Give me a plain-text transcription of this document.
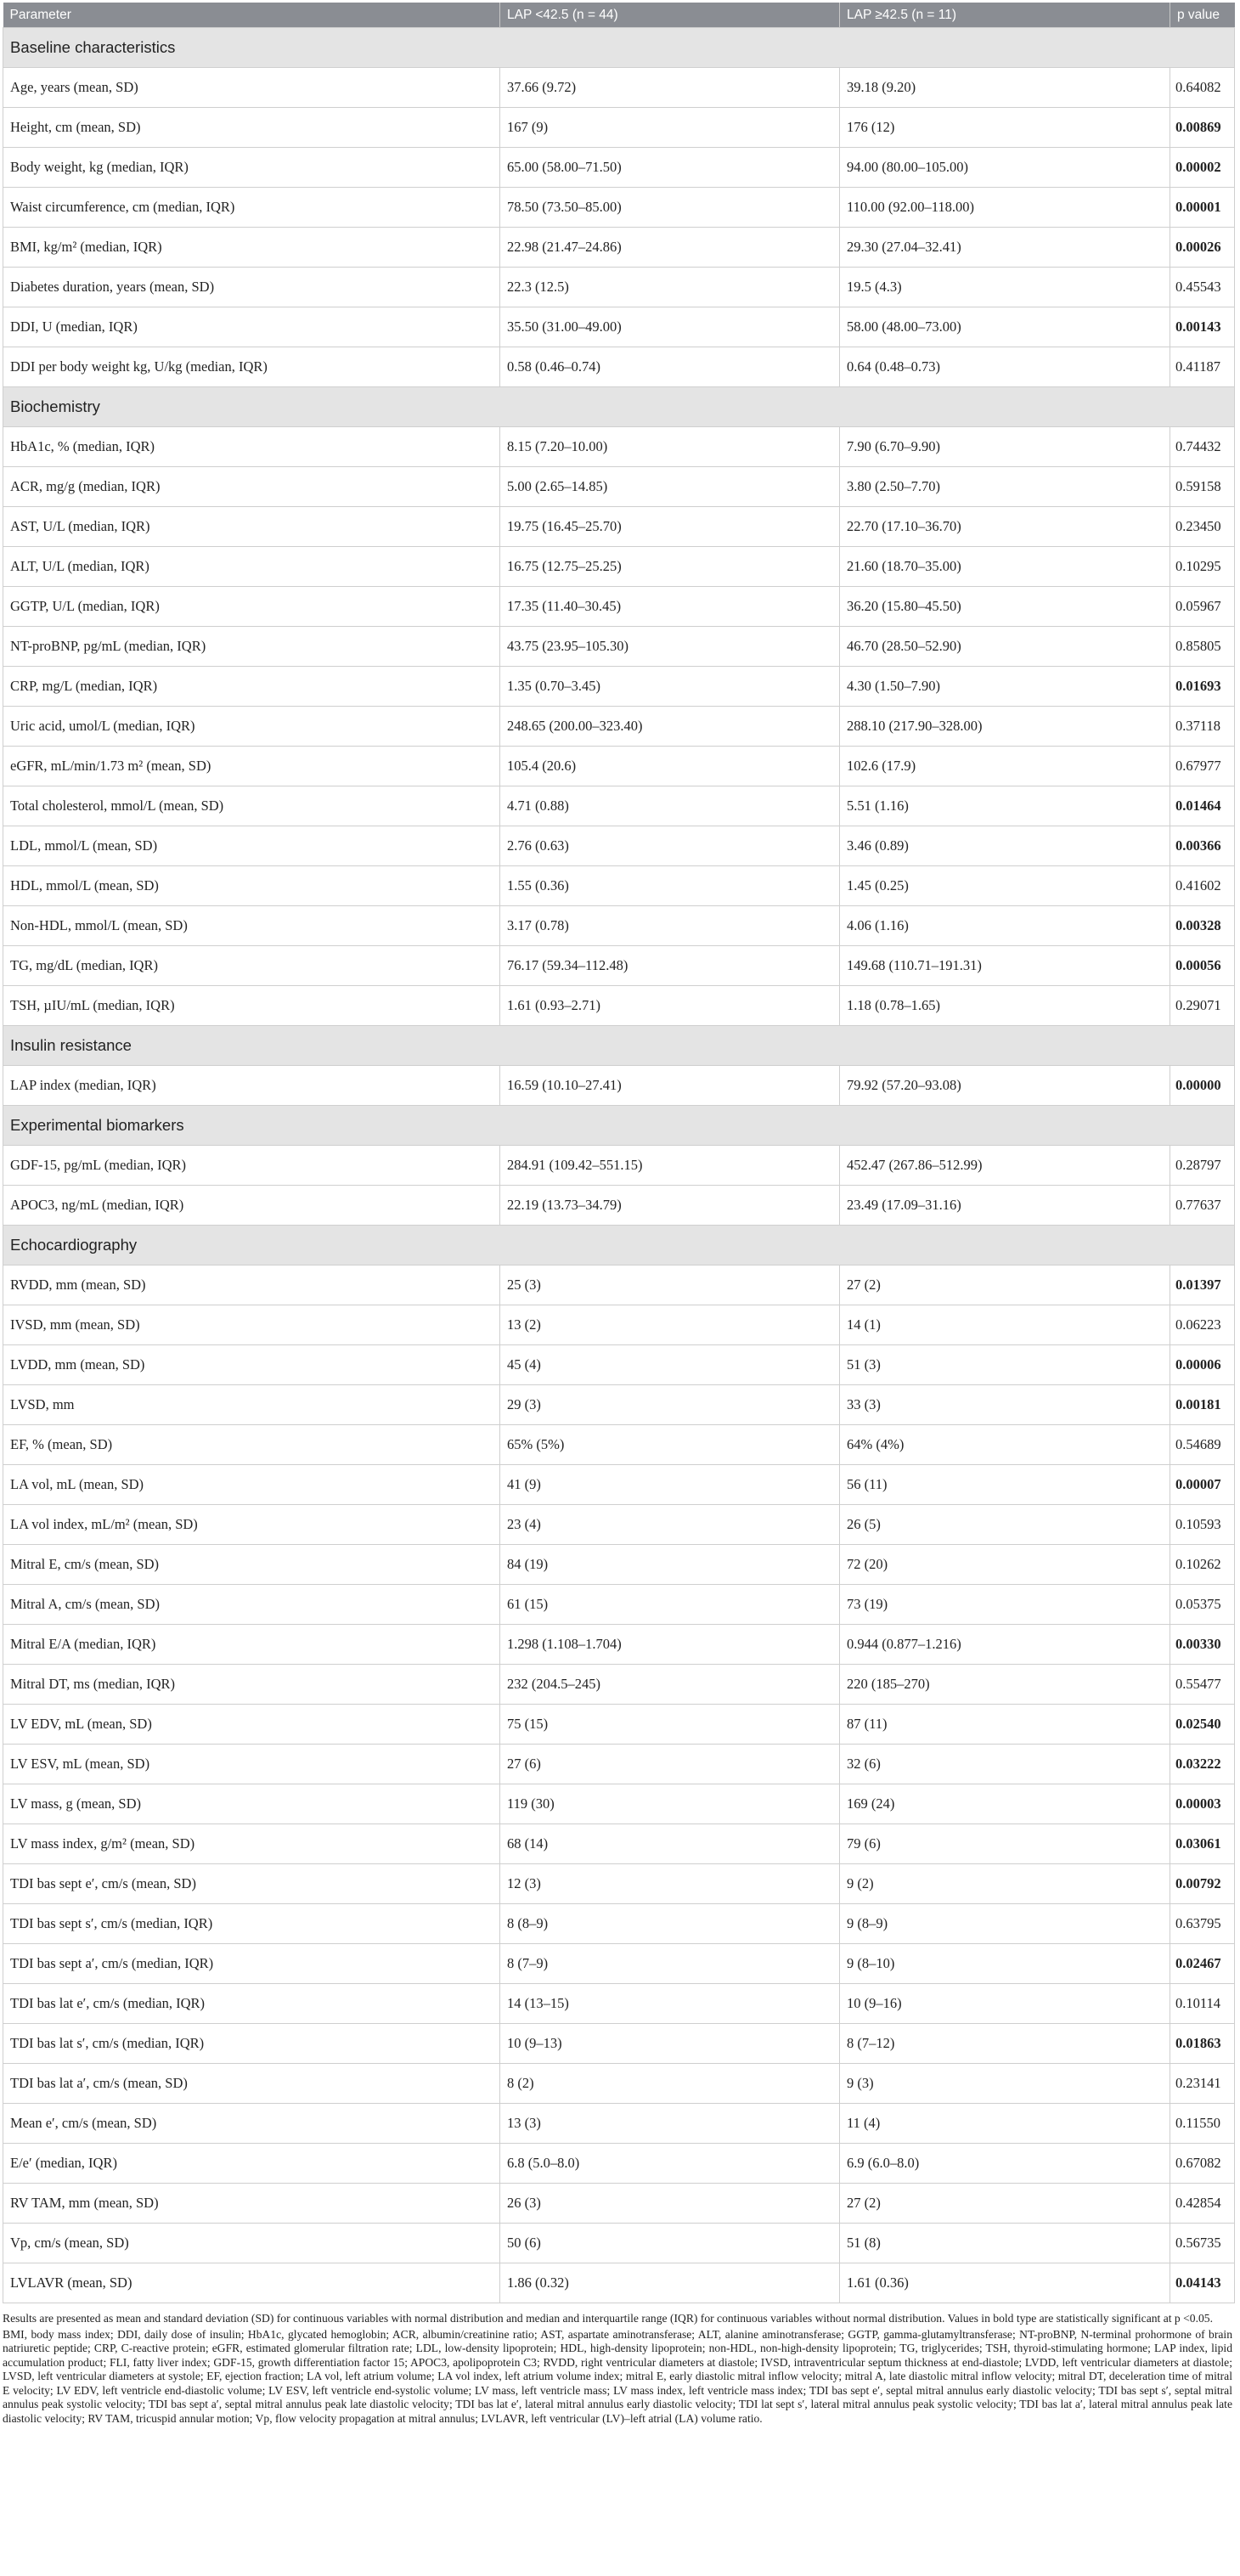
Parameter	LAP <42.5 (n = 44)	LAP ≥42.5 (n = 11)	p value
Baseline characteristics			
Age, years (mean, SD)	37.66 (9.72)	39.18 (9.20)	0.64082
Height, cm (mean, SD)	167 (9)	176 (12)	0.00869
Body weight, kg (median, IQR)	65.00 (58.00–71.50)	94.00 (80.00–105.00)	0.00002
Waist circumference, cm (median, IQR)	78.50 (73.50–85.00)	110.00 (92.00–118.00)	0.00001
BMI, kg/m² (median, IQR)	22.98 (21.47–24.86)	29.30 (27.04–32.41)	0.00026
Diabetes duration, years (mean, SD)	22.3 (12.5)	19.5 (4.3)	0.45543
DDI, U (median, IQR)	35.50 (31.00–49.00)	58.00 (48.00–73.00)	0.00143
DDI per body weight kg, U/kg (median, IQR)	0.58 (0.46–0.74)	0.64 (0.48–0.73)	0.41187
Biochemistry			
HbA1c, % (median, IQR)	8.15 (7.20–10.00)	7.90 (6.70–9.90)	0.74432
ACR, mg/g (median, IQR)	5.00 (2.65–14.85)	3.80 (2.50–7.70)	0.59158
AST, U/L (median, IQR)	19.75 (16.45–25.70)	22.70 (17.10–36.70)	0.23450
ALT, U/L (median, IQR)	16.75 (12.75–25.25)	21.60 (18.70–35.00)	0.10295
GGTP, U/L (median, IQR)	17.35 (11.40–30.45)	36.20 (15.80–45.50)	0.05967
NT-proBNP, pg/mL (median, IQR)	43.75 (23.95–105.30)	46.70 (28.50–52.90)	0.85805
CRP, mg/L (median, IQR)	1.35 (0.70–3.45)	4.30 (1.50–7.90)	0.01693
Uric acid, umol/L (median, IQR)	248.65 (200.00–323.40)	288.10 (217.90–328.00)	0.37118
eGFR, mL/min/1.73 m² (mean, SD)	105.4 (20.6)	102.6 (17.9)	0.67977
Total cholesterol, mmol/L (mean, SD)	4.71 (0.88)	5.51 (1.16)	0.01464
LDL, mmol/L (mean, SD)	2.76 (0.63)	3.46 (0.89)	0.00366
HDL, mmol/L (mean, SD)	1.55 (0.36)	1.45 (0.25)	0.41602
Non-HDL, mmol/L (mean, SD)	3.17 (0.78)	4.06 (1.16)	0.00328
TG, mg/dL (median, IQR)	76.17 (59.34–112.48)	149.68 (110.71–191.31)	0.00056
TSH, µIU/mL (median, IQR)	1.61 (0.93–2.71)	1.18 (0.78–1.65)	0.29071
Insulin resistance			
LAP index (median, IQR)	16.59 (10.10–27.41)	79.92 (57.20–93.08)	0.00000
Experimental biomarkers			
GDF-15, pg/mL (median, IQR)	284.91 (109.42–551.15)	452.47 (267.86–512.99)	0.28797
APOC3, ng/mL (median, IQR)	22.19 (13.73–34.79)	23.49 (17.09–31.16)	0.77637
Echocardiography			
RVDD, mm (mean, SD)	25 (3)	27 (2)	0.01397
IVSD, mm (mean, SD)	13 (2)	14 (1)	0.06223
LVDD, mm (mean, SD)	45 (4)	51 (3)	0.00006
LVSD, mm	29 (3)	33 (3)	0.00181
EF, % (mean, SD)	65% (5%)	64% (4%)	0.54689
LA vol, mL (mean, SD)	41 (9)	56 (11)	0.00007
LA vol index, mL/m² (mean, SD)	23 (4)	26 (5)	0.10593
Mitral E, cm/s (mean, SD)	84 (19)	72 (20)	0.10262
Mitral A, cm/s (mean, SD)	61 (15)	73 (19)	0.05375
Mitral E/A (median, IQR)	1.298 (1.108–1.704)	0.944 (0.877–1.216)	0.00330
Mitral DT, ms (median, IQR)	232 (204.5–245)	220 (185–270)	0.55477
LV EDV, mL (mean, SD)	75 (15)	87 (11)	0.02540
LV ESV, mL (mean, SD)	27 (6)	32 (6)	0.03222
LV mass, g (mean, SD)	119 (30)	169 (24)	0.00003
LV mass index, g/m² (mean, SD)	68 (14)	79 (6)	0.03061
TDI bas sept e′, cm/s (mean, SD)	12 (3)	9 (2)	0.00792
TDI bas sept s′, cm/s (median, IQR)	8 (8–9)	9 (8–9)	0.63795
TDI bas sept a′, cm/s (median, IQR)	8 (7–9)	9 (8–10)	0.02467
TDI bas lat e′, cm/s (median, IQR)	14 (13–15)	10 (9–16)	0.10114
TDI bas lat s′, cm/s (median, IQR)	10 (9–13)	8 (7–12)	0.01863
TDI bas lat a′, cm/s (mean, SD)	8 (2)	9 (3)	0.23141
Mean e′, cm/s (mean, SD)	13 (3)	11 (4)	0.11550
E/e′ (median, IQR)	6.8 (5.0–8.0)	6.9 (6.0–8.0)	0.67082
RV TAM, mm (mean, SD)	26 (3)	27 (2)	0.42854
Vp, cm/s (mean, SD)	50 (6)	51 (8)	0.56735
LVLAVR (mean, SD)	1.86 (0.32)	1.61 (0.36)	0.04143

Results are presented as mean and standard deviation (SD) for continuous variables with normal distribution and median and interquartile range (IQR) for continuous variables without normal distribution. Values in bold type are statistically significant at p <0.05.

BMI, body mass index; DDI, daily dose of insulin; HbA1c, glycated hemoglobin; ACR, albumin/creatinine ratio; AST, aspartate aminotransferase; ALT, alanine aminotransferase; GGTP, gamma-glutamyltransferase; NT-proBNP, N-terminal prohormone of brain natriuretic peptide; CRP, C-reactive protein; eGFR, estimated glomerular filtration rate; LDL, low-density lipoprotein; HDL, high-density lipoprotein; non-HDL, non-high-density lipoprotein; TG, triglycerides; TSH, thyroid-stimulating hormone; LAP index, lipid accumulation product; FLI, fatty liver index; GDF-15, growth differentiation factor 15; APOC3, apolipoprotein C3; RVDD, right ventricular diameters at diastole; IVSD, intraventricular septum thickness at end-diastole; LVDD, left ventricular diameters at diastole; LVSD, left ventricular diameters at systole; EF, ejection fraction; LA vol, left atrium volume; LA vol index, left atrium volume index; mitral E, early diastolic mitral inflow velocity; mitral A, late diastolic mitral inflow velocity; mitral DT, deceleration time of mitral E velocity; LV EDV, left ventricle end-diastolic volume; LV ESV, left ventricle end-systolic volume; LV mass, left ventricle mass; LV mass index, left ventricle mass index; TDI bas sept e′, septal mitral annulus early diastolic velocity; TDI bas sept s′, septal mitral annulus peak systolic velocity; TDI bas sept a′, septal mitral annulus peak late diastolic velocity; TDI bas lat e′, lateral mitral annulus early diastolic velocity; TDI lat sept s′, lateral mitral annulus peak systolic velocity; TDI bas lat a′, lateral mitral annulus peak late diastolic velocity; RV TAM, tricuspid annular motion; Vp, flow velocity propagation at mitral annulus; LVLAVR, left ventricular (LV)–left atrial (LA) volume ratio.
